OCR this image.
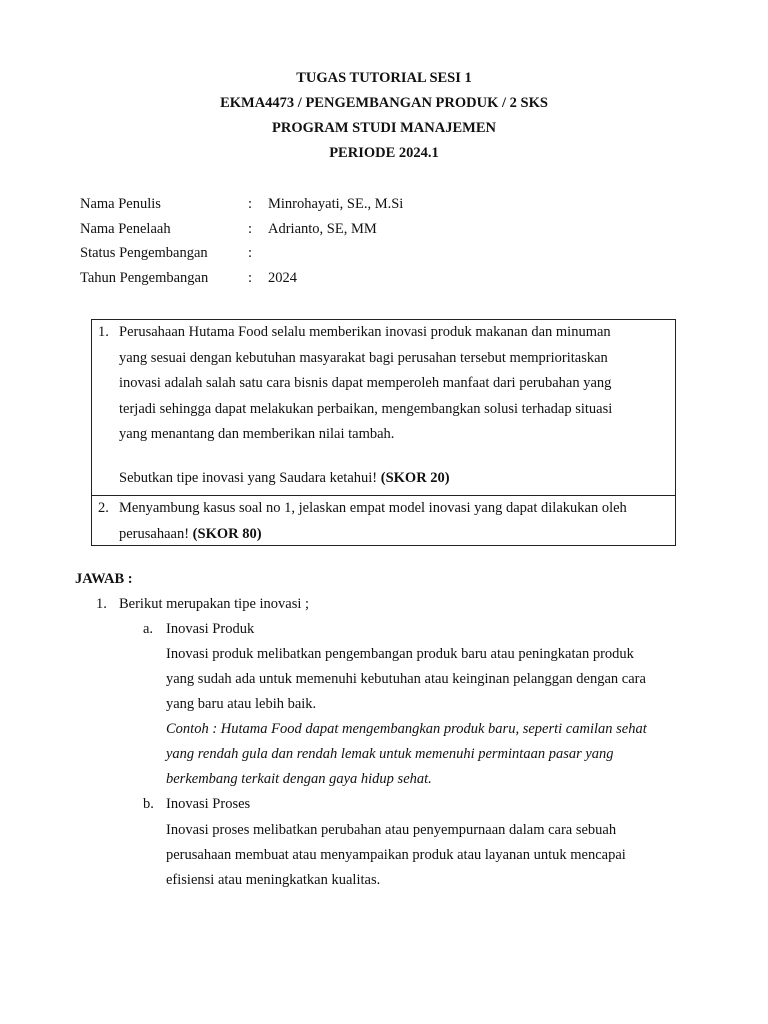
TUGAS TUTORIAL SESI 1
EKMA4473 / PENGEMBANGAN PRODUK / 2 SKS
PROGRAM STUDI MANAJEMEN
PERIODE 2024.1
Nama Penulis	: Minrohayati, SE., M.Si
Nama Penelaah	: Adrianto, SE, MM
Status Pengembangan	:
Tahun Pengembangan	: 2024
1. Perusahaan Hutama Food selalu memberikan inovasi produk makanan dan minuman
yang sesuai dengan kebutuhan masyarakat bagi perusahan tersebut memprioritaskan
inovasi adalah salah satu cara bisnis dapat memperoleh manfaat dari perubahan yang
terjadi sehingga dapat melakukan perbaikan, mengembangkan solusi terhadap situasi
yang menantang dan memberikan nilai tambah.
Sebutkan tipe inovasi yang Saudara ketahui! (SKOR 20)
2. Menyambung kasus soal no 1, jelaskan empat model inovasi yang dapat dilakukan oleh
perusahaan! (SKOR 80)
JAWAB :
1. Berikut merupakan tipe inovasi ;
a. Inovasi Produk
Inovasi produk melibatkan pengembangan produk baru atau peningkatan produk
yang sudah ada untuk memenuhi kebutuhan atau keinginan pelanggan dengan cara
yang baru atau lebih baik.
Contoh : Hutama Food dapat mengembangkan produk baru, seperti camilan sehat
yang rendah gula dan rendah lemak untuk memenuhi permintaan pasar yang
berkembang terkait dengan gaya hidup sehat.
b. Inovasi Proses
Inovasi proses melibatkan perubahan atau penyempurnaan dalam cara sebuah
perusahaan membuat atau menyampaikan produk atau layanan untuk mencapai
efisiensi atau meningkatkan kualitas.
